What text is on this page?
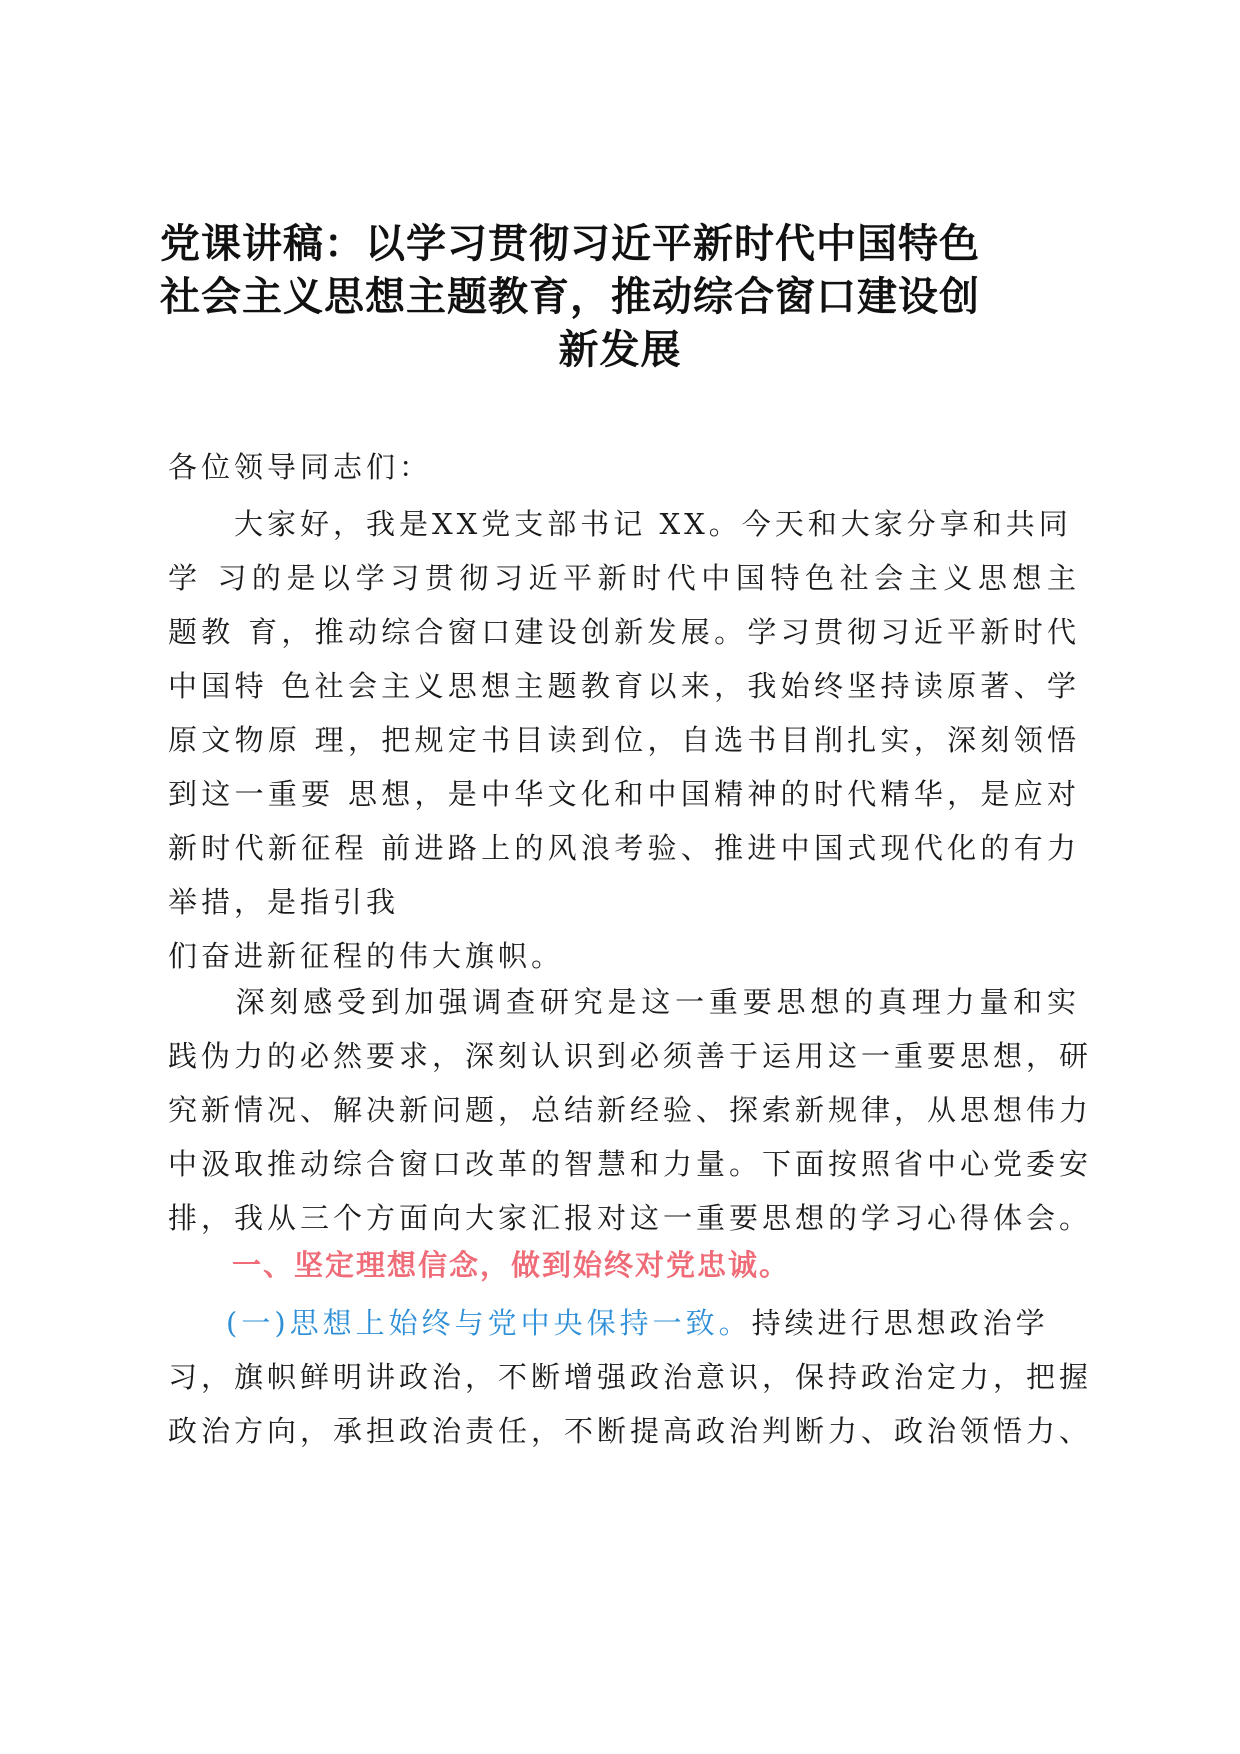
党课讲稿：以学习贯彻习近平新时代中国特色
社会主义思想主题教育，推动综合窗口建设创
新发展
各位领导同志们：
　　大家好，我是XX党支部书记 XX。今天和大家分享和共同
学 习的是以学习贯彻习近平新时代中国特色社会主义思想主
题教 育，推动综合窗口建设创新发展。学习贯彻习近平新时代
中国特 色社会主义思想主题教育以来，我始终坚持读原著、学
原文物原 理，把规定书目读到位，自选书目削扎实，深刻领悟
到这一重要 思想，是中华文化和中国精神的时代精华，是应对
新时代新征程 前进路上的风浪考验、推进中国式现代化的有力
举措，是指引我
们奋进新征程的伟大旗帜。
　　深刻感受到加强调查研究是这一重要思想的真理力量和实
践伪力的必然要求，深刻认识到必须善于运用这一重要思想，研
究新情况、解决新问题，总结新经验、探索新规律，从思想伟力
中汲取推动综合窗口改革的智慧和力量。下面按照省中心党委安
排，我从三个方面向大家汇报对这一重要思想的学习心得体会。
一、坚定理想信念，做到始终对党忠诚。
(一)思想上始终与党中央保持一致。持续进行思想政治学
习，旗帜鲜明讲政治，不断增强政治意识，保持政治定力，把握
政治方向，承担政治责任，不断提高政治判断力、政治领悟力、
